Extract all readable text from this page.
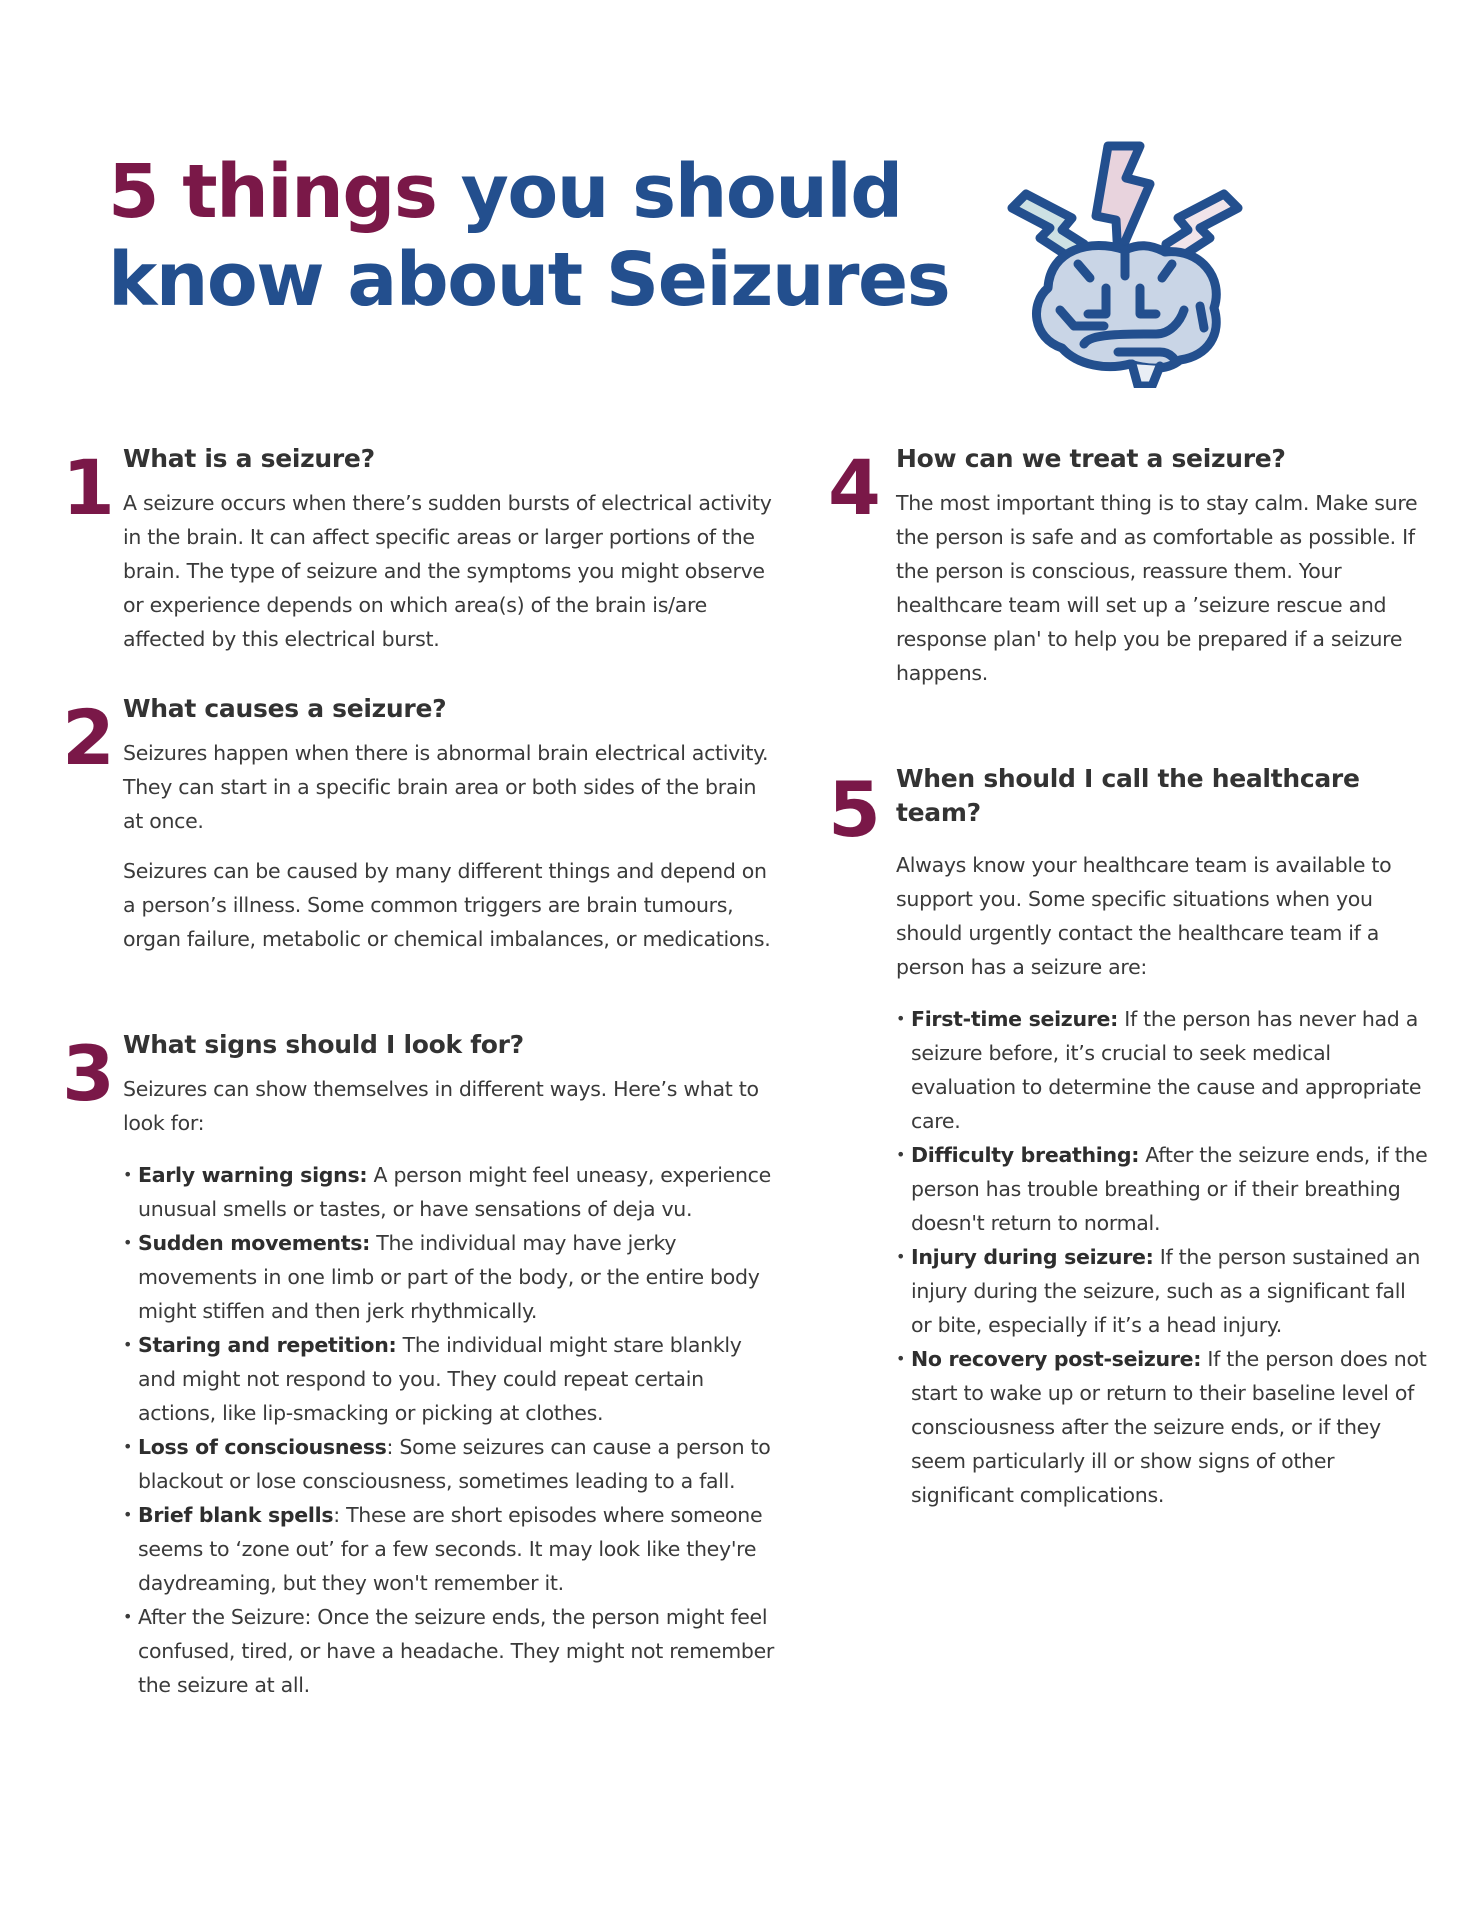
5 things you should
know about Seizures
1 What is a seizure?

A seizure occurs when there’s sudden bursts of electrical activity in the brain. It can affect specific areas or larger portions of the brain. The type of seizure and the symptoms you might observe or experience depends on which area(s) of the brain is/are affected by this electrical burst.

2 What causes a seizure?

Seizures happen when there is abnormal brain electrical activity. They can start in a specific brain area or both sides of the brain at once.

Seizures can be caused by many different things and depend on a person’s illness. Some common triggers are brain tumours, organ failure, metabolic or chemical imbalances, or medications.

3 What signs should I look for?

Seizures can show themselves in different ways. Here’s what to look for:

• Early warning signs: A person might feel uneasy, experience unusual smells or tastes, or have sensations of deja vu.
• Sudden movements: The individual may have jerky movements in one limb or part of the body, or the entire body might stiffen and then jerk rhythmically.
• Staring and repetition: The individual might stare blankly and might not respond to you. They could repeat certain actions, like lip-smacking or picking at clothes.
• Loss of consciousness: Some seizures can cause a person to blackout or lose consciousness, sometimes leading to a fall.
• Brief blank spells: These are short episodes where someone seems to ‘zone out’ for a few seconds. It may look like they're daydreaming, but they won't remember it.
• After the Seizure: Once the seizure ends, the person might feel confused, tired, or have a headache. They might not remember the seizure at all.
4 How can we treat a seizure?

The most important thing is to stay calm. Make sure the person is safe and as comfortable as possible. If the person is conscious, reassure them. Your healthcare team will set up a ’seizure rescue and response plan' to help you be prepared if a seizure happens.

5 When should I call the healthcare team?

Always know your healthcare team is available to support you. Some specific situations when you should urgently contact the healthcare team if a person has a seizure are:

• First-time seizure: If the person has never had a seizure before, it’s crucial to seek medical evaluation to determine the cause and appropriate care.
• Difficulty breathing: After the seizure ends, if the person has trouble breathing or if their breathing doesn't return to normal.
• Injury during seizure: If the person sustained an injury during the seizure, such as a significant fall or bite, especially if it’s a head injury.
• No recovery post-seizure: If the person does not start to wake up or return to their baseline level of consciousness after the seizure ends, or if they seem particularly ill or show signs of other significant complications.
